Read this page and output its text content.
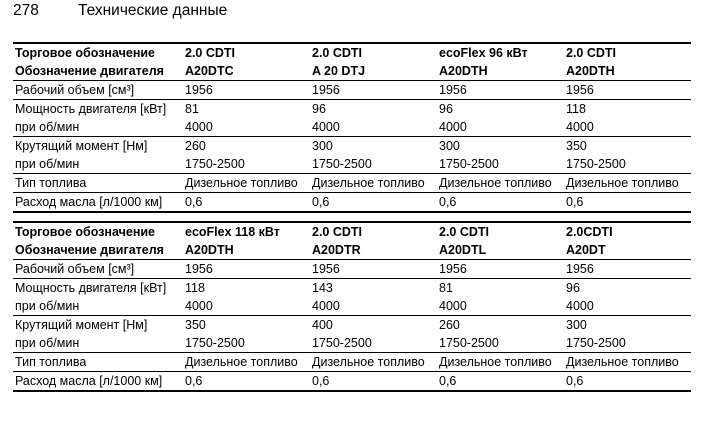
278	Технические данные
Торговое обозначение	2.0 CDTI	2.0 CDTI	ecoFlex 96 кВт	2.0 CDTI
Обозначение двигателя	A20DTC	A 20 DTJ	A20DTH	A20DTH
Рабочий объем [см³]	1956	1956	1956	1956
Мощность двигателя [кВт]	81	96	96	118
при об/мин	4000	4000	4000	4000
Крутящий момент [Нм]	260	300	300	350
при об/мин	1750-2500	1750-2500	1750-2500	1750-2500
Тип топлива	Дизельное топливо	Дизельное топливо	Дизельное топливо	Дизельное топливо
Расход масла [л/1000 км]	0,6	0,6	0,6	0,6
Торговое обозначение	ecoFlex 118 кВт	2.0 CDTI	2.0 CDTI	2.0CDTI
Обозначение двигателя	A20DTH	A20DTR	A20DTL	A20DT
Рабочий объем [см³]	1956	1956	1956	1956
Мощность двигателя [кВт]	118	143	81	96
при об/мин	4000	4000	4000	4000
Крутящий момент [Нм]	350	400	260	300
при об/мин	1750-2500	1750-2500	1750-2500	1750-2500
Тип топлива	Дизельное топливо	Дизельное топливо	Дизельное топливо	Дизельное топливо
Расход масла [л/1000 км]	0,6	0,6	0,6	0,6
